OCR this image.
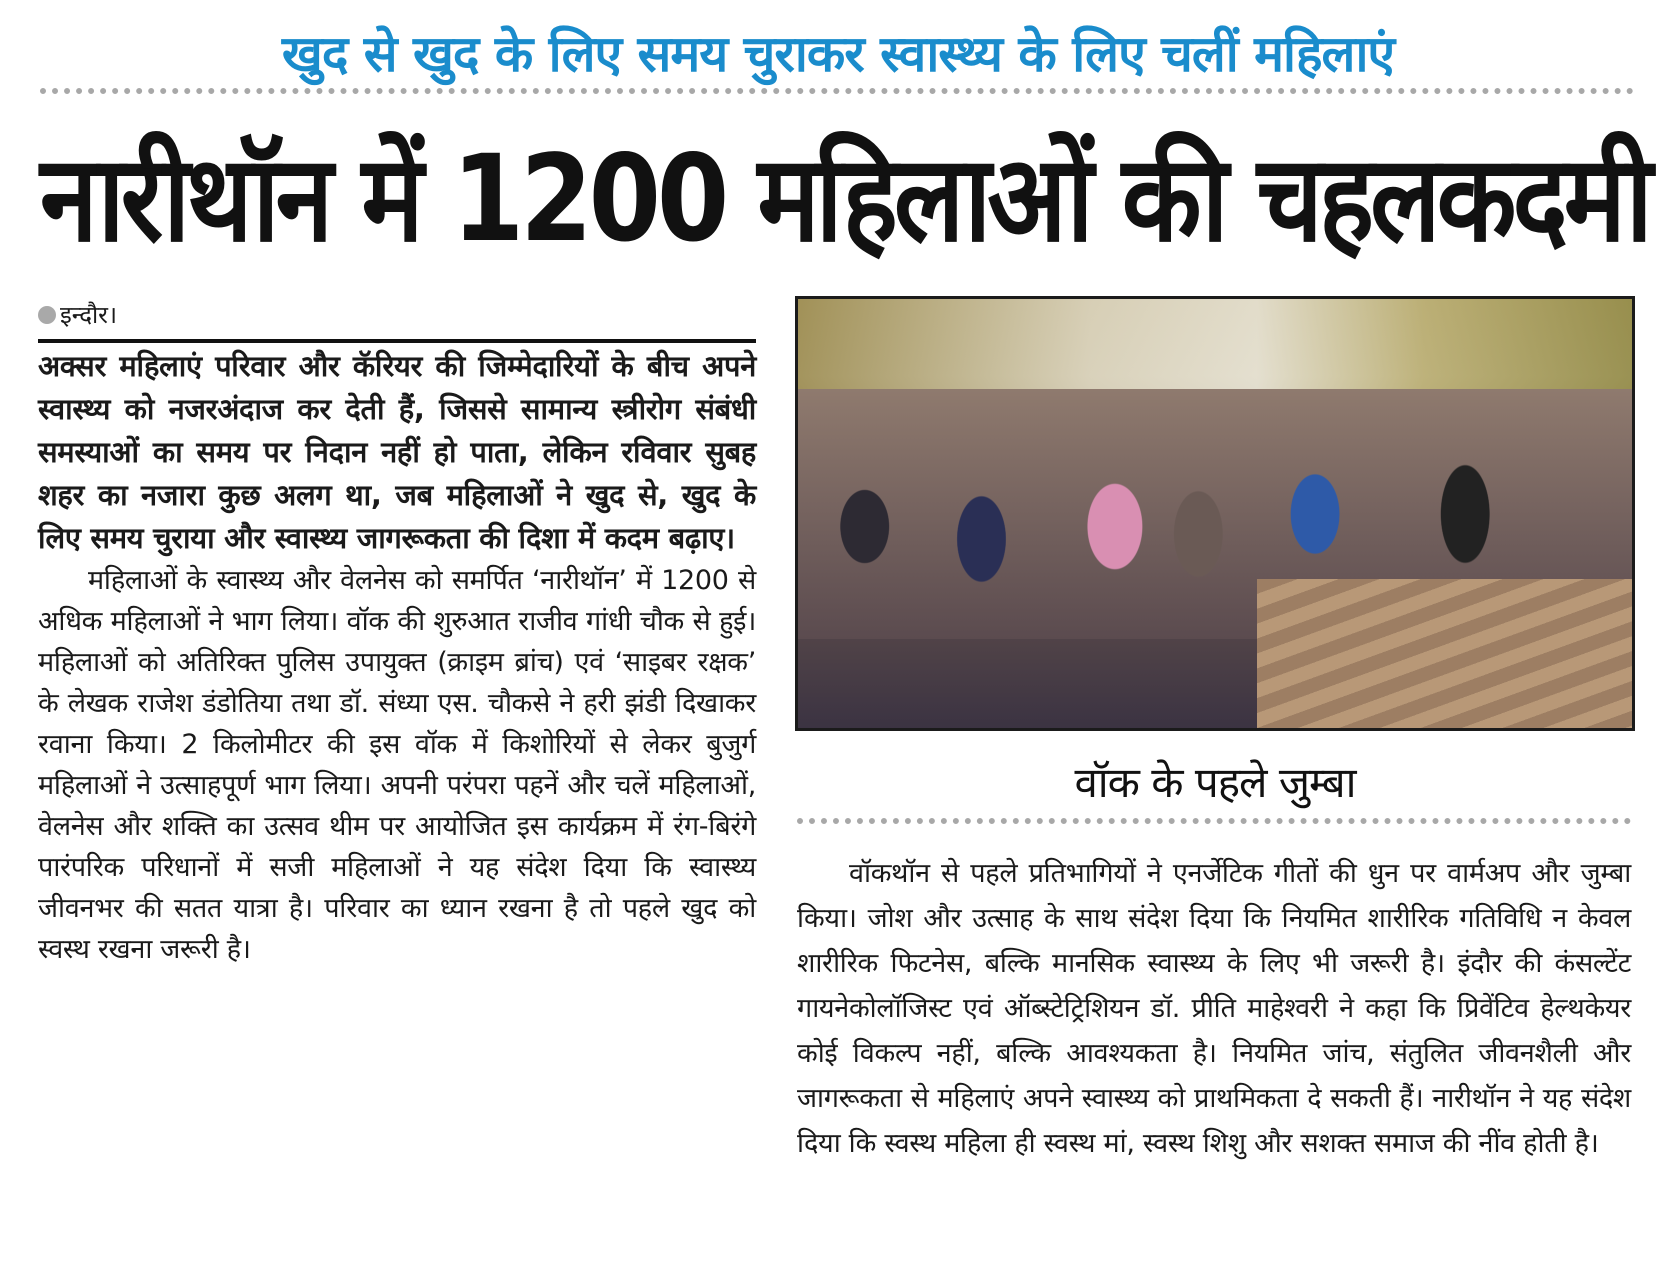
खुद से खुद के लिए समय चुराकर स्वास्थ्य के लिए चलीं महिलाएं
नारीथॉन में 1200 महिलाओं की चहलकदमी
इन्दौर।

अक्सर महिलाएं परिवार और कॅरियर की जिम्मेदारियों के बीच अपने स्वास्थ्य को नजरअंदाज कर देती हैं, जिससे सामान्य स्त्रीरोग संबंधी समस्याओं का समय पर निदान नहीं हो पाता, लेकिन रविवार सुबह शहर का नजारा कुछ अलग था, जब महिलाओं ने खुद से, खुद के लिए समय चुराया और स्वास्थ्य जागरूकता की दिशा में कदम बढ़ाए।

महिलाओं के स्वास्थ्य और वेलनेस को समर्पित ‘नारीथॉन’ में 1200 से अधिक महिलाओं ने भाग लिया। वॉक की शुरुआत राजीव गांधी चौक से हुई। महिलाओं को अतिरिक्त पुलिस उपायुक्त (क्राइम ब्रांच) एवं ‘साइबर रक्षक’ के लेखक राजेश डंडोतिया तथा डॉ. संध्या एस. चौकसे ने हरी झंडी दिखाकर रवाना किया। 2 किलोमीटर की इस वॉक में किशोरियों से लेकर बुजुर्ग महिलाओं ने उत्साहपूर्ण भाग लिया। अपनी परंपरा पहनें और चलें महिलाओं, वेलनेस और शक्ति का उत्सव थीम पर आयोजित इस कार्यक्रम में रंग-बिरंगे पारंपरिक परिधानों में सजी महिलाओं ने यह संदेश दिया कि स्वास्थ्य जीवनभर की सतत यात्रा है। परिवार का ध्यान रखना है तो पहले खुद को स्वस्थ रखना जरूरी है।

वॉक के पहले जुम्बा

वॉकथॉन से पहले प्रतिभागियों ने एनर्जेटिक गीतों की धुन पर वार्मअप और जुम्बा किया। जोश और उत्साह के साथ संदेश दिया कि नियमित शारीरिक गतिविधि न केवल शारीरिक फिटनेस, बल्कि मानसिक स्वास्थ्य के लिए भी जरूरी है। इंदौर की कंसल्टेंट गायनेकोलॉजिस्ट एवं ऑब्स्टेट्रिशियन डॉ. प्रीति माहेश्वरी ने कहा कि प्रिवेंटिव हेल्थकेयर कोई विकल्प नहीं, बल्कि आवश्यकता है। नियमित जांच, संतुलित जीवनशैली और जागरूकता से महिलाएं अपने स्वास्थ्य को प्राथमिकता दे सकती हैं। नारीथॉन ने यह संदेश दिया कि स्वस्थ महिला ही स्वस्थ मां, स्वस्थ शिशु और सशक्त समाज की नींव होती है।
